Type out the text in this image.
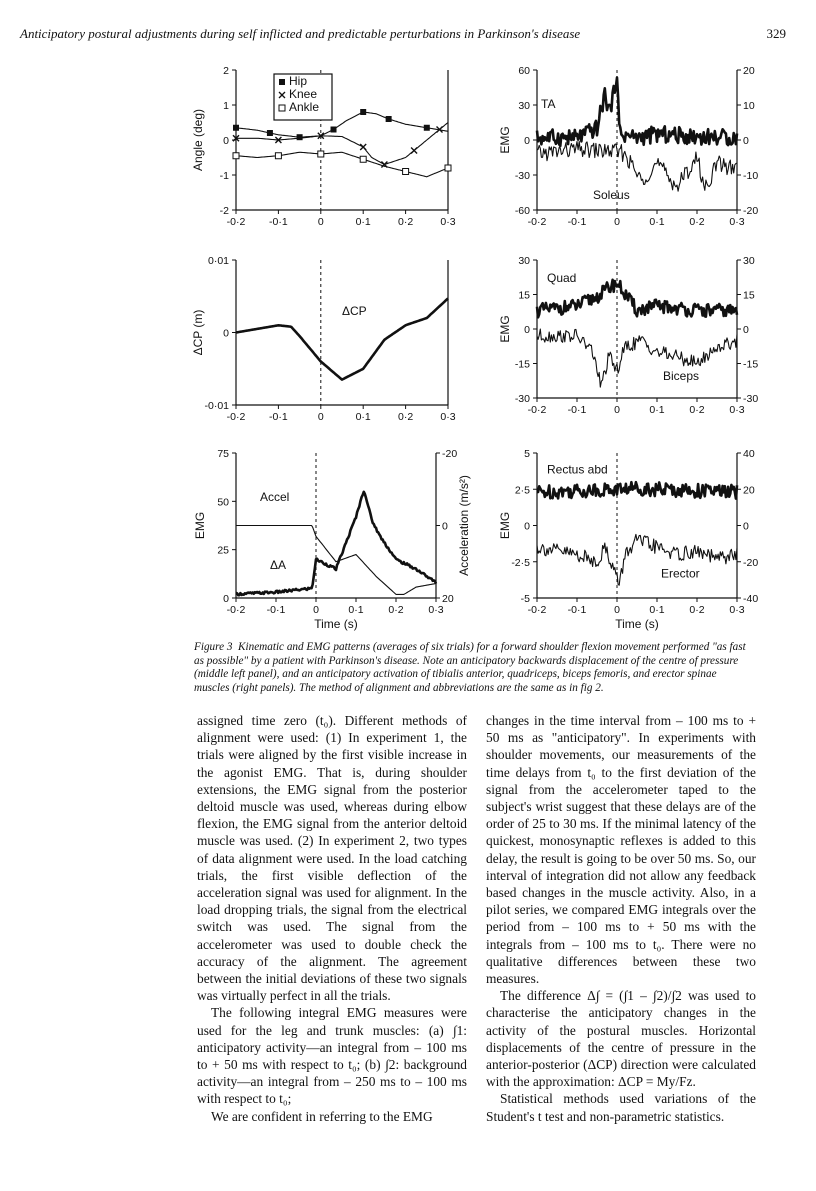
Anticipatory postural adjustments during self inflicted and predictable perturbations in Parkinson's disease	329
-0·2 -0·1	0	0·1	0·2	0·3
2
1
0
-1
-2
Angle (deg)
Hip
Knee
Ankle
-0·2 -0·1	0	0·1 0·2 0·3
60
30
0
-30
-60
20
10
0
-10
-20
EMG
TA
Soleus
-0·2 -0·1	0	0·1	0·2	0·3
0·01
0
-0·01
ΔCP (m)	ΔCP
-0·2 -0·1	0	0·1 0·2 0·3
30
15
0
-15
-30
30
15
0
-15
-30
EMG
Quad
Biceps
-0·2 -0·1	0	0·1 0·2 0·3
75
50
25
0
-20
0
20
EMG	Acceleration (m/s²)
Time (s)
Accel
ΔA
-0·2 -0·1	0	0·1 0·2 0·3
5
2·5
0
-2·5
-5
40
20
0
-20
-40
EMG
Time (s)
Rectus abd
Erector
Figure 3 Kinematic and EMG patterns (averages of six trials) for a forward shoulder flexion movement performed "as fast as possible" by a patient with Parkinson's disease. Note an anticipatory backwards displacement of the centre of pressure (middle left panel), and an anticipatory activation of tibialis anterior, quadriceps, biceps femoris, and erector spinae muscles (right panels). The method of alignment and abbreviations are the same as in fig 2.

assigned time zero (t₀). Different methods of alignment were used: (1) In experiment 1, the trials were aligned by the first visible increase in the agonist EMG. That is, during shoulder extensions, the EMG signal from the posterior deltoid muscle was used, whereas during elbow flexion, the EMG signal from the anterior deltoid muscle was used. (2) In experiment 2, two types of data alignment were used. In the load catching trials, the first visible deflection of the acceleration signal was used for alignment. In the load dropping trials, the signal from the electrical switch was used. The signal from the accelerometer was used to double check the accuracy of the alignment. The agreement between the initial deviations of these two signals was virtually perfect in all the trials.

The following integral EMG measures were used for the leg and trunk muscles: (a) ∫1: anticipatory activity—an integral from – 100 ms to + 50 ms with respect to t₀; (b) ∫2: background activity—an integral from – 250 ms to – 100 ms with respect to t₀;

We are confident in referring to the EMG

changes in the time interval from – 100 ms to + 50 ms as "anticipatory". In experiments with shoulder movements, our measurements of the time delays from t₀ to the first deviation of the signal from the accelerometer taped to the subject's wrist suggest that these delays are of the order of 25 to 30 ms. If the minimal latency of the quickest, monosynaptic reflexes is added to this delay, the result is going to be over 50 ms. So, our interval of integration did not allow any feedback based changes in the muscle activity. Also, in a pilot series, we compared EMG integrals over the period from – 100 ms to + 50 ms with the integrals from – 100 ms to t₀. There were no qualitative differences between these two measures.

The difference Δ∫ = (∫1 – ∫2)/∫2 was used to characterise the anticipatory changes in the activity of the postural muscles. Horizontal displacements of the centre of pressure in the anterior-posterior (ΔCP) direction were calculated with the approximation: ΔCP = My/Fz.

Statistical methods used variations of the Student's t test and non-parametric statistics.
